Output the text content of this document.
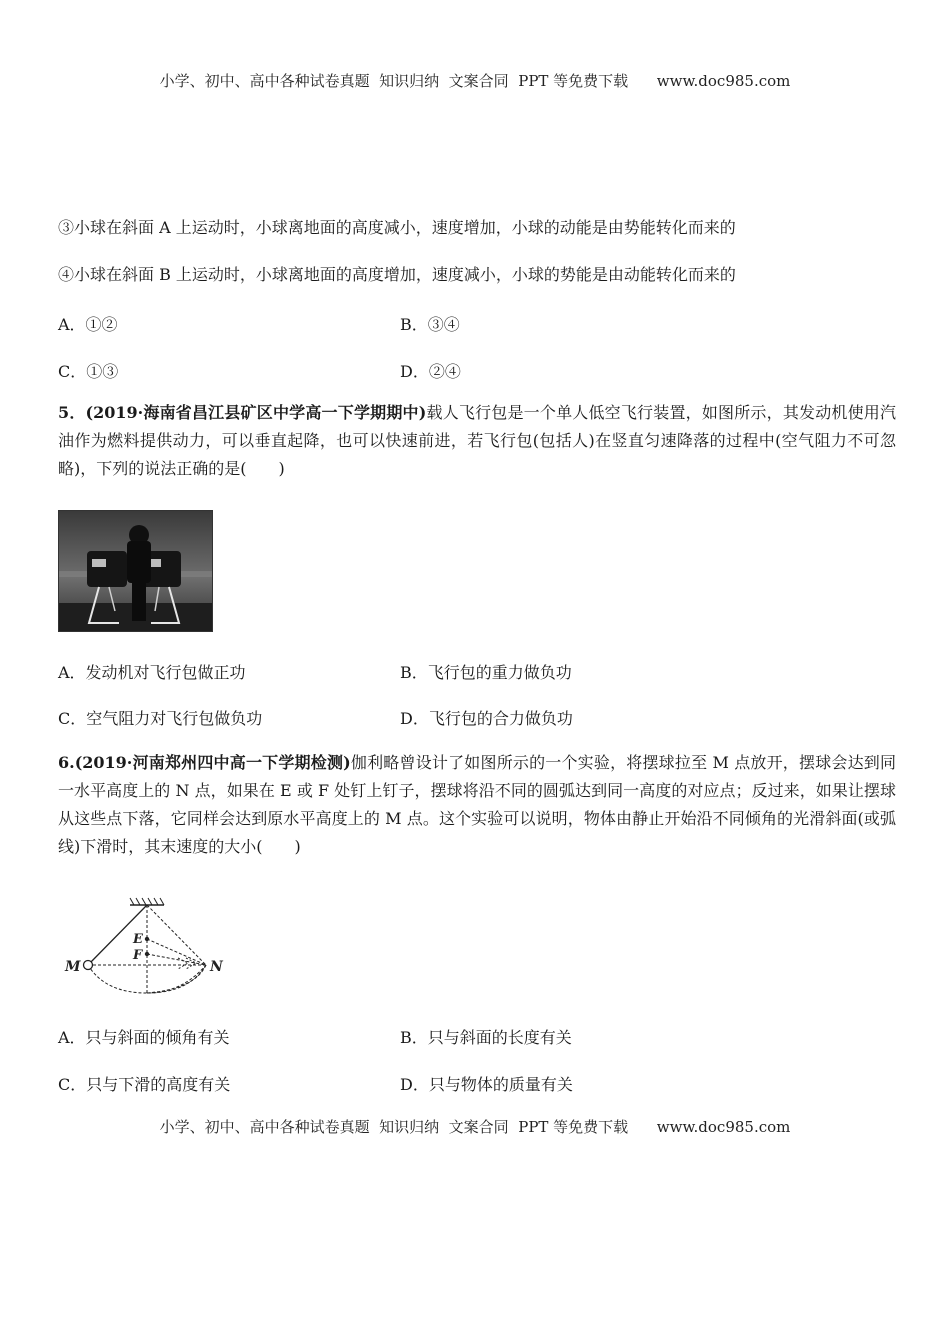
小学、初中、高中各种试卷真题  知识归纳  文案合同  PPT 等免费下载      www.doc985.com
③小球在斜面 A 上运动时，小球离地面的高度减小，速度增加，小球的动能是由势能转化而来的
④小球在斜面 B 上运动时，小球离地面的高度增加，速度减小，小球的势能是由动能转化而来的
A．①②	B．③④
C．①③	D．②④
5．(2019·海南省昌江县矿区中学高一下学期期中)载人飞行包是一个单人低空飞行装置，如图所示，其发动机使用汽油作为燃料提供动力，可以垂直起降，也可以快速前进，若飞行包(包括人)在竖直匀速降落的过程中(空气阻力不可忽略)，下列的说法正确的是(　　)
A．发动机对飞行包做正功	B．飞行包的重力做负功
C．空气阻力对飞行包做负功	D．飞行包的合力做负功
6.(2019·河南郑州四中高一下学期检测)伽利略曾设计了如图所示的一个实验，将摆球拉至 M 点放开，摆球会达到同一水平高度上的 N 点，如果在 E 或 F 处钉上钉子，摆球将沿不同的圆弧达到同一高度的对应点；反过来，如果让摆球从这些点下落，它同样会达到原水平高度上的 M 点。这个实验可以说明，物体由静止开始沿不同倾角的光滑斜面(或弧线)下滑时，其末速度的大小(　　)
M	N
E
F
A．只与斜面的倾角有关	B．只与斜面的长度有关
C．只与下滑的高度有关	D．只与物体的质量有关
小学、初中、高中各种试卷真题  知识归纳  文案合同  PPT 等免费下载      www.doc985.com
